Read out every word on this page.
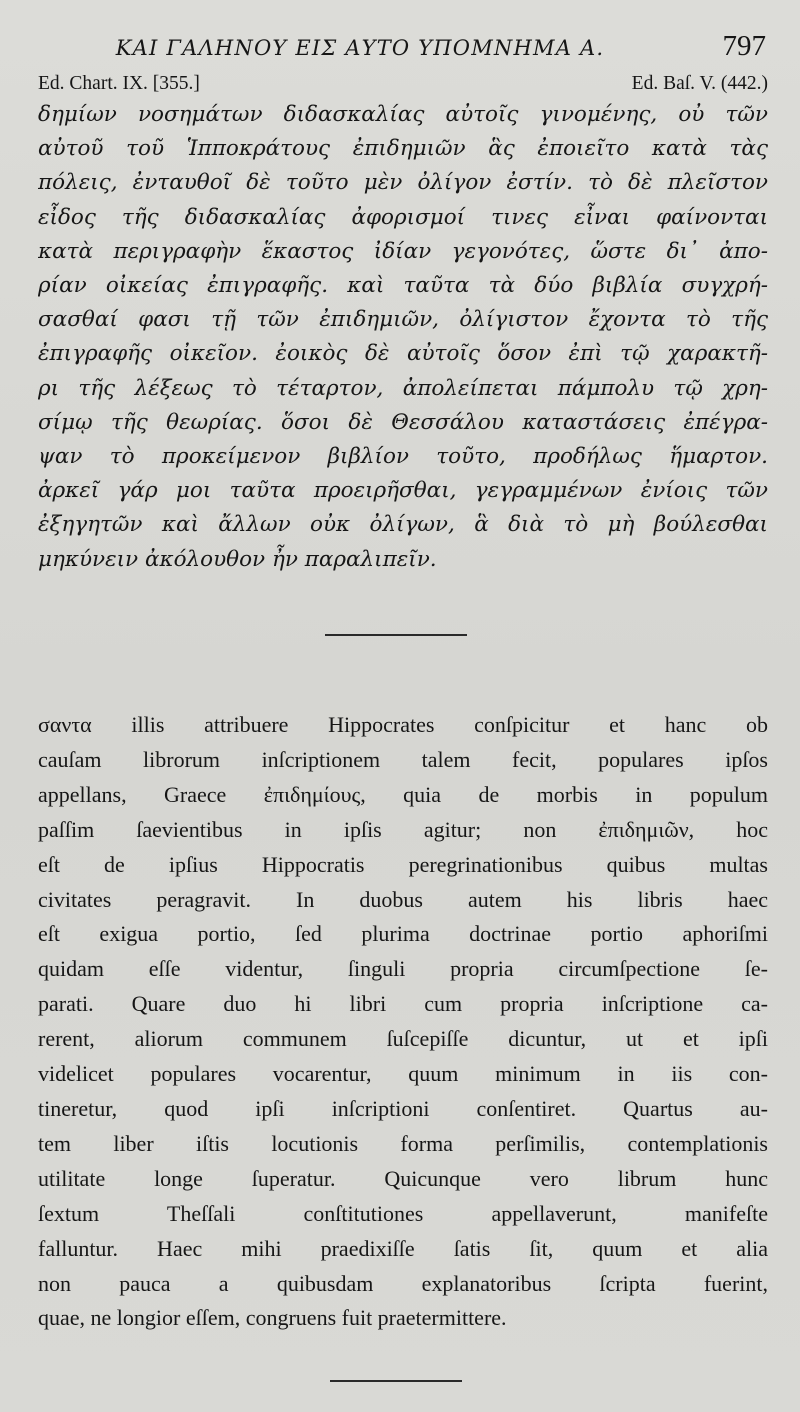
ΚΑΙ ΓΑΛΗΝΟΥ ΕΙΣ ΑΥΤΟ ΥΠΟΜΝΗΜΑ Α.	797
Ed. Chart. IX. [355.]	Ed. Baſ. V. (442.)
δημίων νοσημάτων διδασκαλίας αὐτοῖς γινομένης, οὐ τῶν
αὐτοῦ τοῦ Ἱπποκράτους ἐπιδημιῶν ἃς ἐποιεῖτο κατὰ τὰς
πόλεις, ἐνταυθοῖ δὲ τοῦτο μὲν ὀλίγον ἐστίν. τὸ δὲ πλεῖστον
εἶδος τῆς διδασκαλίας ἀφορισμοί τινες εἶναι φαίνονται
κατὰ περιγραφὴν ἕκαστος ἰδίαν γεγονότες, ὥστε δι᾽ ἀπο-
ρίαν οἰκείας ἐπιγραφῆς. καὶ ταῦτα τὰ δύο βιβλία συγχρή-
σασθαί φασι τῇ τῶν ἐπιδημιῶν, ὀλίγιστον ἔχοντα τὸ τῆς
ἐπιγραφῆς οἰκεῖον. ἐοικὸς δὲ αὐτοῖς ὅσον ἐπὶ τῷ χαρακτῆ-
ρι τῆς λέξεως τὸ τέταρτον, ἀπολείπεται πάμπολυ τῷ χρη-
σίμῳ τῆς θεωρίας. ὅσοι δὲ Θεσσάλου καταστάσεις ἐπέγρα-
ψαν τὸ προκείμενον βιβλίον τοῦτο, προδήλως ἥμαρτον.
ἀρκεῖ γάρ μοι ταῦτα προειρῆσθαι, γεγραμμένων ἐνίοις τῶν
ἐξηγητῶν καὶ ἄλλων οὐκ ὀλίγων, ἃ διὰ τὸ μὴ βούλεσθαι
μηκύνειν ἀκόλουθον ἦν παραλιπεῖν.
σαντα illis attribuere Hippocrates conſpicitur et hanc ob
cauſam librorum inſcriptionem talem fecit, populares ipſos
appellans, Graece ἐπιδημίους, quia de morbis in populum
paſſim ſaevientibus in ipſis agitur; non ἐπιδημιῶν, hoc
eſt de ipſius Hippocratis peregrinationibus quibus multas
civitates peragravit. In duobus autem his libris haec
eſt exigua portio, ſed plurima doctrinae portio aphoriſmi
quidam eſſe videntur, ſinguli propria circumſpectione ſe-
parati. Quare duo hi libri cum propria inſcriptione ca-
rerent, aliorum communem ſuſcepiſſe dicuntur, ut et ipſi
videlicet populares vocarentur, quum minimum in iis con-
tineretur, quod ipſi inſcriptioni conſentiret. Quartus au-
tem liber iſtis locutionis forma perſimilis, contemplationis
utilitate longe ſuperatur. Quicunque vero librum hunc
ſextum Theſſali conſtitutiones appellaverunt, manifeſte
falluntur. Haec mihi praedixiſſe ſatis ſit, quum et alia
non pauca a quibusdam explanatoribus ſcripta fuerint,
quae, ne longior eſſem, congruens fuit praetermittere.
